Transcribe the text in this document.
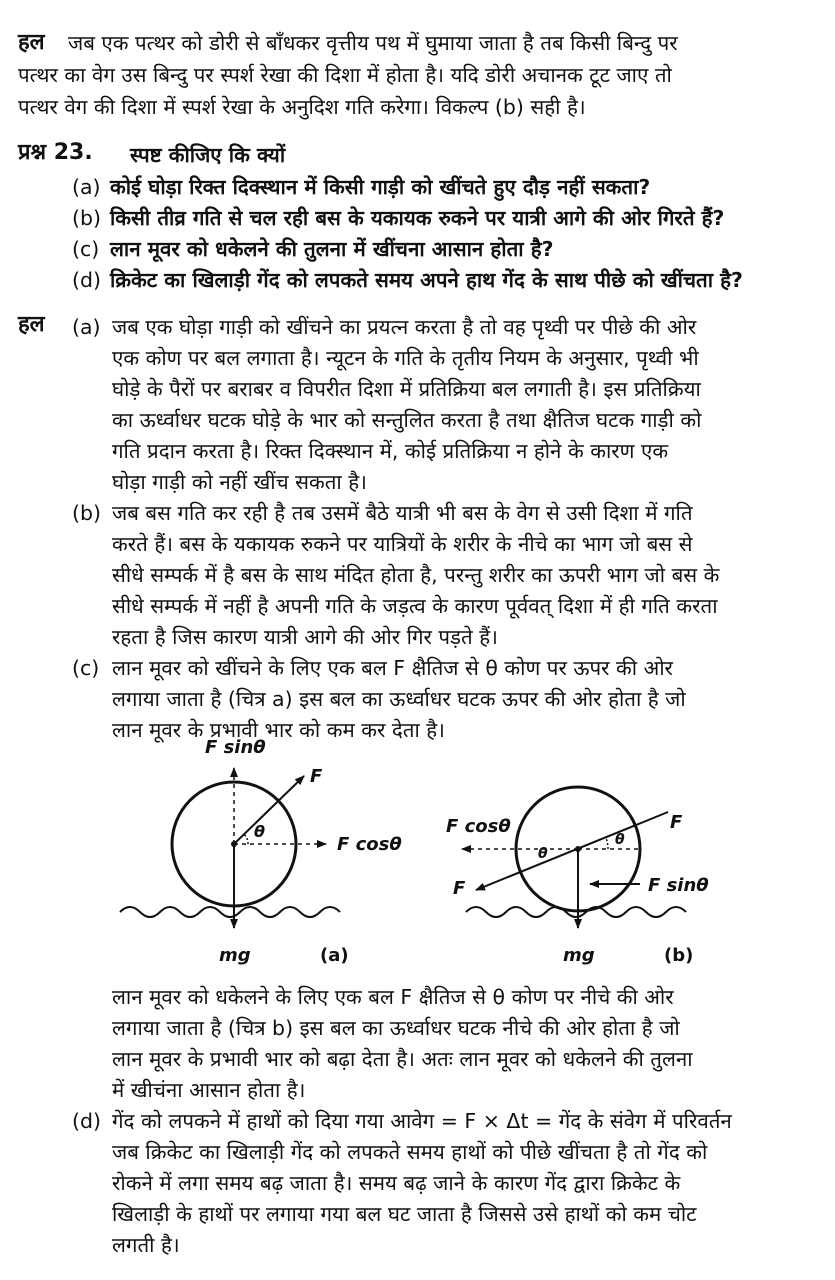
हल जब एक पत्थर को डोरी से बाँधकर वृत्तीय पथ में घुमाया जाता है तब किसी बिन्दु पर
पत्थर का वेग उस बिन्दु पर स्पर्श रेखा की दिशा में होता है। यदि डोरी अचानक टूट जाए तो
पत्थर वेग की दिशा में स्पर्श रेखा के अनुदिश गति करेगा। विकल्प (b) सही है।
प्रश्न 23. स्पष्ट कीजिए कि क्यों
(a) कोई घोड़ा रिक्त दिक्स्थान में किसी गाड़ी को खींचते हुए दौड़ नहीं सकता?
(b) किसी तीव्र गति से चल रही बस के यकायक रुकने पर यात्री आगे की ओर गिरते हैं?
(c) लान मूवर को धकेलने की तुलना में खींचना आसान होता है?
(d) क्रिकेट का खिलाड़ी गेंद को लपकते समय अपने हाथ गेंद के साथ पीछे को खींचता है?
हल (a) जब एक घोड़ा गाड़ी को खींचने का प्रयत्न करता है तो वह पृथ्वी पर पीछे की ओर
एक कोण पर बल लगाता है। न्यूटन के गति के तृतीय नियम के अनुसार, पृथ्वी भी
घोड़े के पैरों पर बराबर व विपरीत दिशा में प्रतिक्रिया बल लगाती है। इस प्रतिक्रिया
का ऊर्ध्वाधर घटक घोड़े के भार को सन्तुलित करता है तथा क्षैतिज घटक गाड़ी को
गति प्रदान करता है। रिक्त दिक्स्थान में, कोई प्रतिक्रिया न होने के कारण एक
घोड़ा गाड़ी को नहीं खींच सकता है।
(b) जब बस गति कर रही है तब उसमें बैठे यात्री भी बस के वेग से उसी दिशा में गति
करते हैं। बस के यकायक रुकने पर यात्रियों के शरीर के नीचे का भाग जो बस से
सीधे सम्पर्क में है बस के साथ मंदित होता है, परन्तु शरीर का ऊपरी भाग जो बस के
सीधे सम्पर्क में नहीं है अपनी गति के जड़त्व के कारण पूर्ववत् दिशा में ही गति करता
रहता है जिस कारण यात्री आगे की ओर गिर पड़ते हैं।
(c) लान मूवर को खींचने के लिए एक बल F क्षैतिज से θ कोण पर ऊपर की ओर
लगाया जाता है (चित्र a) इस बल का ऊर्ध्वाधर घटक ऊपर की ओर होता है जो
लान मूवर के प्रभावी भार को कम कर देता है।
F sinθ
F
θ
F cosθ
mg	(a)
F cosθ	F
θ
θ
F	F sinθ
mg	(b)
लान मूवर को धकेलने के लिए एक बल F क्षैतिज से θ कोण पर नीचे की ओर
लगाया जाता है (चित्र b) इस बल का ऊर्ध्वाधर घटक नीचे की ओर होता है जो
लान मूवर के प्रभावी भार को बढ़ा देता है। अतः लान मूवर को धकेलने की तुलना
में खीचंना आसान होता है।
(d) गेंद को लपकने में हाथों को दिया गया आवेग = F × Δt = गेंद के संवेग में परिवर्तन
जब क्रिकेट का खिलाड़ी गेंद को लपकते समय हाथों को पीछे खींचता है तो गेंद को
रोकने में लगा समय बढ़ जाता है। समय बढ़ जाने के कारण गेंद द्वारा क्रिकेट के
खिलाड़ी के हाथों पर लगाया गया बल घट जाता है जिससे उसे हाथों को कम चोट
लगती है।
